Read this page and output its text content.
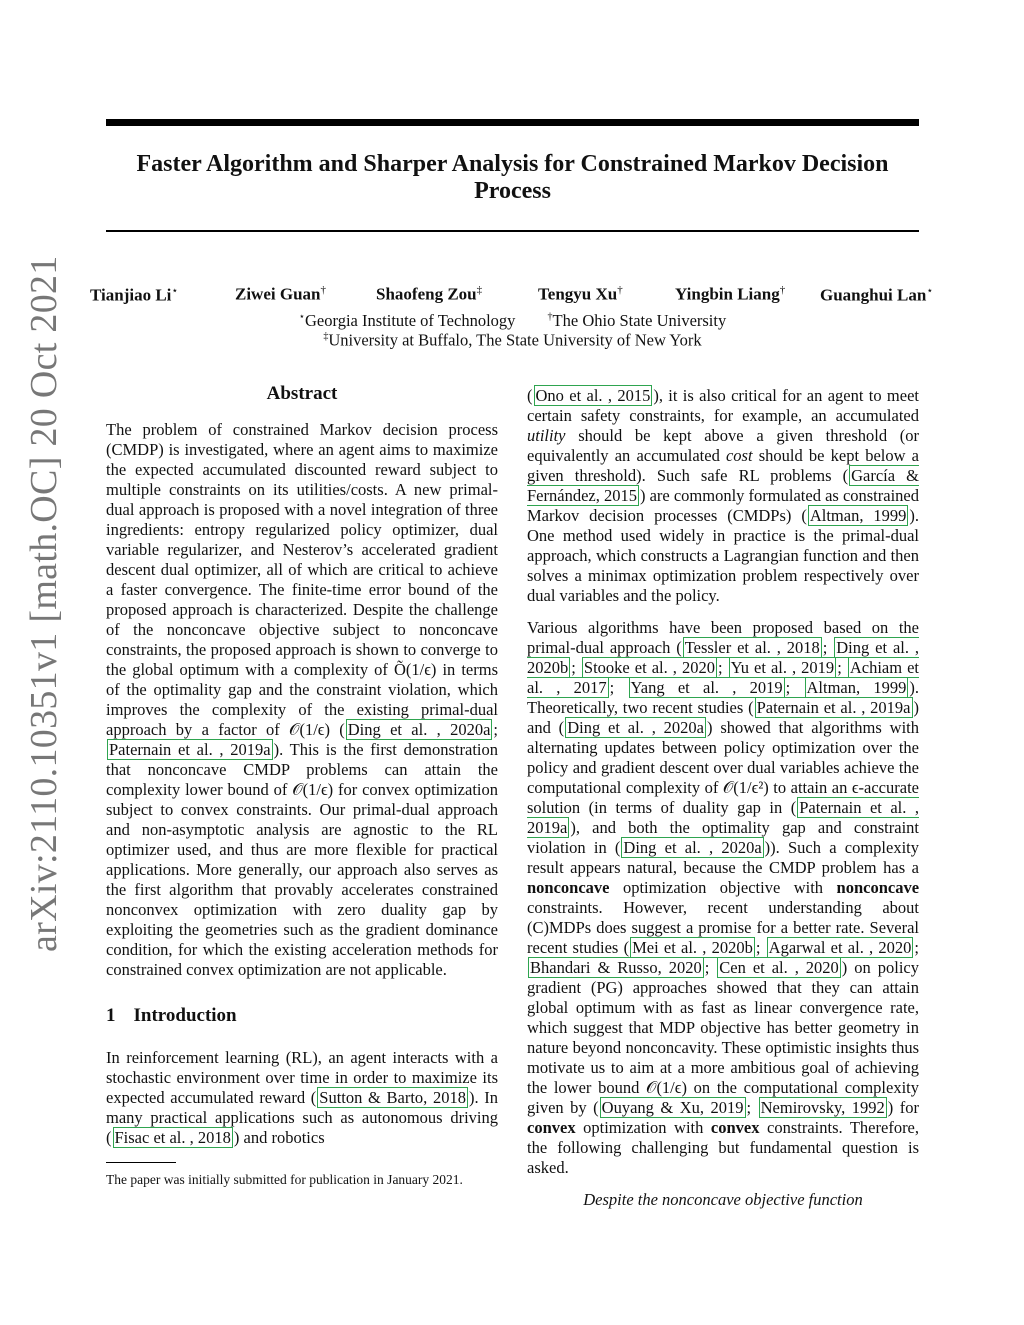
arXiv:2110.10351v1 [math.OC] 20 Oct 2021
Faster Algorithm and Sharper Analysis for Constrained Markov Decision Process
Tianjiao Li⋆	Ziwei Guan†	Shaofeng Zou‡	Tengyu Xu†	Yingbin Liang† Guanghui Lan⋆
⋆Georgia Institute of Technology	†The Ohio State University
‡University at Buffalo, The State University of New York
Abstract

The problem of constrained Markov decision process (CMDP) is investigated, where an agent aims to maximize the expected accumulated discounted reward subject to multiple constraints on its utilities/costs. A new primal-dual approach is proposed with a novel integration of three ingredients: entropy regularized policy optimizer, dual variable regularizer, and Nesterov’s accelerated gradient descent dual optimizer, all of which are critical to achieve a faster convergence. The finite-time error bound of the proposed approach is characterized. Despite the challenge of the nonconcave objective subject to nonconcave constraints, the proposed approach is shown to converge to the global optimum with a complexity of Õ(1/ϵ) in terms of the optimality gap and the constraint violation, which improves the complexity of the existing primal-dual approach by a factor of 𝒪(1/ϵ) ( Ding et al. , 2020a ; Paternain et al. , 2019a ). This is the first demonstration that nonconcave CMDP problems can attain the complexity lower bound of 𝒪(1/ϵ) for convex optimization subject to convex constraints. Our primal-dual approach and non-asymptotic analysis are agnostic to the RL optimizer used, and thus are more flexible for practical applications. More generally, our approach also serves as the first algorithm that provably accelerates constrained nonconvex optimization with zero duality gap by exploiting the geometries such as the gradient dominance condition, for which the existing acceleration methods for constrained convex optimization are not applicable.

1 Introduction

In reinforcement learning (RL), an agent interacts with a stochastic environment over time in order to maximize its expected accumulated reward ( Sutton & Barto, 2018 ). In many practical applications such as autonomous driving ( Fisac et al. , 2018 ) and robotics

The paper was initially submitted for publication in January 2021.

( Ono et al. , 2015 ), it is also critical for an agent to meet certain safety constraints, for example, an accumulated utility should be kept above a given threshold (or equivalently an accumulated cost should be kept below a given threshold). Such safe RL problems ( García & Fernández, 2015 ) are commonly formulated as constrained Markov decision processes (CMDPs) ( Altman, 1999 ). One method used widely in practice is the primal-dual approach, which constructs a Lagrangian function and then solves a minimax optimization problem respectively over dual variables and the policy.

Various algorithms have been proposed based on the primal-dual approach ( Tessler et al. , 2018 ; Ding et al. , 2020b ; Stooke et al. , 2020 ; Yu et al. , 2019 ; Achiam et al. , 2017 ; Yang et al. , 2019 ; Altman, 1999 ). Theoretically, two recent studies ( Paternain et al. , 2019a ) and ( Ding et al. , 2020a ) showed that algorithms with alternating updates between policy optimization over the policy and gradient descent over dual variables achieve the computational complexity of 𝒪(1/ϵ²) to attain an ϵ-accurate solution (in terms of duality gap in ( Paternain et al. , 2019a ), and both the optimality gap and constraint violation in ( Ding et al. , 2020a )). Such a complexity result appears natural, because the CMDP problem has a nonconcave optimization objective with nonconcave constraints. However, recent understanding about (C)MDPs does suggest a promise for a better rate. Several recent studies ( Mei et al. , 2020b ; Agarwal et al. , 2020 ; Bhandari & Russo, 2020 ; Cen et al. , 2020 ) on policy gradient (PG) approaches showed that they can attain global optimum with as fast as linear convergence rate, which suggest that MDP objective has better geometry in nature beyond nonconcavity. These optimistic insights thus motivate us to aim at a more ambitious goal of achieving the lower bound 𝒪(1/ϵ) on the computational complexity given by ( Ouyang & Xu, 2019 ; Nemirovsky, 1992 ) for convex optimization with convex constraints. Therefore, the following challenging but fundamental question is asked.

Despite the nonconcave objective function
